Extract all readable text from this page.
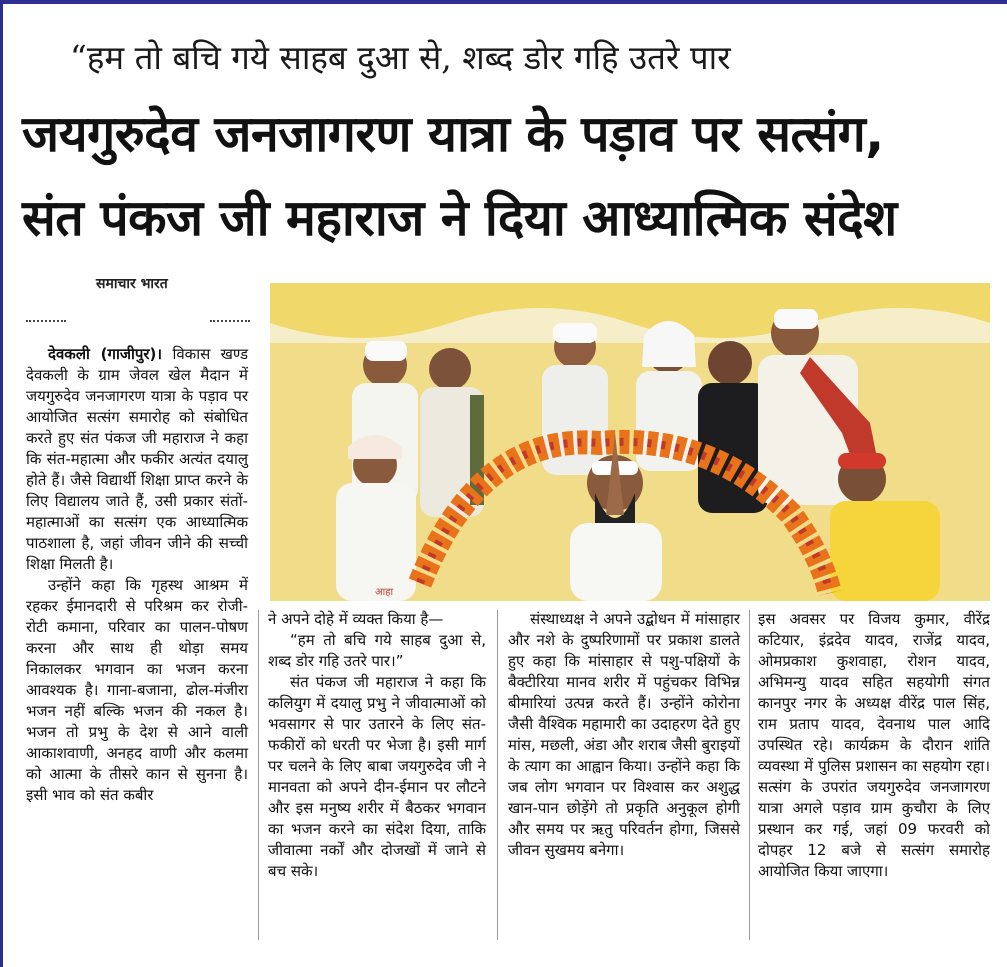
“हम तो बचि गये साहब दुआ से, शब्द डोर गहि उतरे पार
जयगुरुदेव जनजागरण यात्रा के पड़ाव पर सत्संग,
संत पंकज जी महाराज ने दिया आध्यात्मिक संदेश
समाचार भारत
आहा

देवकली (गाजीपुर)। विकास खण्ड देवकली के ग्राम जेवल खेल मैदान में जयगुरुदेव जनजागरण यात्रा के पड़ाव पर आयोजित सत्संग समारोह को संबोधित करते हुए संत पंकज जी महाराज ने कहा कि संत-महात्मा और फकीर अत्यंत दयालु होते हैं। जैसे विद्यार्थी शिक्षा प्राप्त करने के लिए विद्यालय जाते हैं, उसी प्रकार संतों-महात्माओं का सत्संग एक आध्यात्मिक पाठशाला है, जहां जीवन जीने की सच्ची शिक्षा मिलती है।

उन्होंने कहा कि गृहस्थ आश्रम में रहकर ईमानदारी से परिश्रम कर रोजी-रोटी कमाना, परिवार का पालन-पोषण करना और साथ ही थोड़ा समय निकालकर भगवान का भजन करना आवश्यक है। गाना-बजाना, ढोल-मंजीरा भजन नहीं बल्कि भजन की नकल है। भजन तो प्रभु के देश से आने वाली आकाशवाणी, अनहद वाणी और कलमा को आत्मा के तीसरे कान से सुनना है। इसी भाव को संत कबीर

ने अपने दोहे में व्यक्त किया है—

“हम तो बचि गये साहब दुआ से, शब्द डोर गहि उतरे पार।”

संत पंकज जी महाराज ने कहा कि कलियुग में दयालु प्रभु ने जीवात्माओं को भवसागर से पार उतारने के लिए संत-फकीरों को धरती पर भेजा है। इसी मार्ग पर चलने के लिए बाबा जयगुरुदेव जी ने मानवता को अपने दीन-ईमान पर लौटने और इस मनुष्य शरीर में बैठकर भगवान का भजन करने का संदेश दिया, ताकि जीवात्मा नर्कों और दोजखों में जाने से बच सके।

संस्थाध्यक्ष ने अपने उद्बोधन में मांसाहार और नशे के दुष्परिणामों पर प्रकाश डालते हुए कहा कि मांसाहार से पशु-पक्षियों के बैक्टीरिया मानव शरीर में पहुंचकर विभिन्न बीमारियां उत्पन्न करते हैं। उन्होंने कोरोना जैसी वैश्विक महामारी का उदाहरण देते हुए मांस, मछली, अंडा और शराब जैसी बुराइयों के त्याग का आह्वान किया। उन्होंने कहा कि जब लोग भगवान पर विश्वास कर अशुद्ध खान-पान छोड़ेंगे तो प्रकृति अनुकूल होगी और समय पर ऋतु परिवर्तन होगा, जिससे जीवन सुखमय बनेगा।

इस अवसर पर विजय कुमार, वीरेंद्र कटियार, इंद्रदेव यादव, राजेंद्र यादव, ओमप्रकाश कुशवाहा, रोशन यादव, अभिमन्यु यादव सहित सहयोगी संगत कानपुर नगर के अध्यक्ष वीरेंद्र पाल सिंह, राम प्रताप यादव, देवनाथ पाल आदि उपस्थित रहे। कार्यक्रम के दौरान शांति व्यवस्था में पुलिस प्रशासन का सहयोग रहा। सत्संग के उपरांत जयगुरुदेव जनजागरण यात्रा अगले पड़ाव ग्राम कुचौरा के लिए प्रस्थान कर गई, जहां 09 फरवरी को दोपहर 12 बजे से सत्संग समारोह आयोजित किया जाएगा।
